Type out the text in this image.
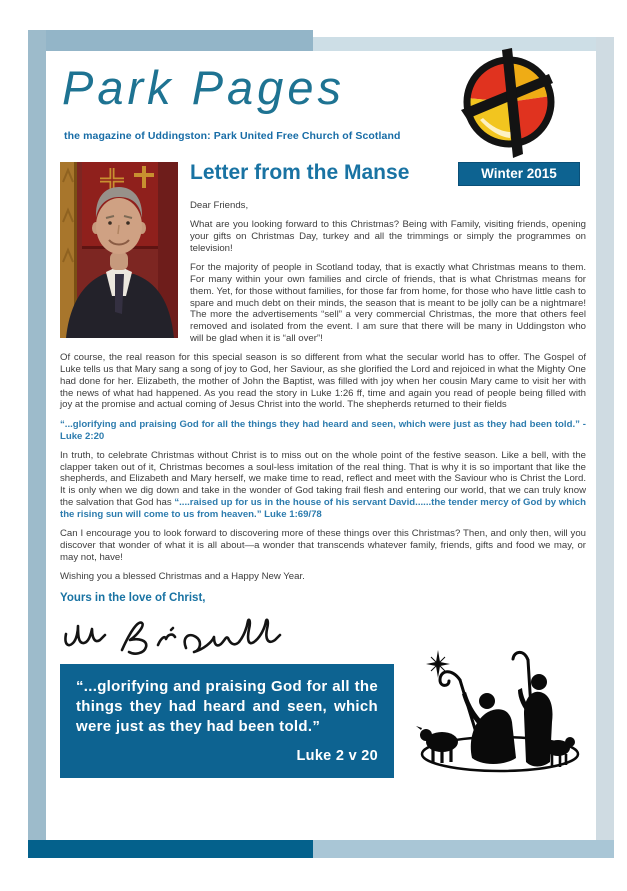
Park Pages
the magazine of Uddingston: Park United Free Church of Scotland
Winter 2015
Letter from the Manse

Dear Friends,

What are you looking forward to this Christmas? Being with Family, visiting friends, opening your gifts on Christmas Day, turkey and all the trimmings or simply the programmes on television!

For the majority of people in Scotland today, that is exactly what Christmas means to them. For many within your own families and circle of friends, that is what Christmas means for them. Yet, for those without families, for those far from home, for those who have little cash to spare and much debt on their minds, the season that is meant to be jolly can be a nightmare! The more the advertisements “sell” a very commercial Christmas, the more that others feel removed and isolated from the event. I am sure that there will be many in Uddingston who will be glad when it is “all over”!

Of course, the real reason for this special season is so different from what the secular world has to offer. The Gospel of Luke tells us that Mary sang a song of joy to God, her Saviour, as she glorified the Lord and rejoiced in what the Mighty One had done for her. Elizabeth, the mother of John the Baptist, was filled with joy when her cousin Mary came to visit her with the news of what had happened. As you read the story in Luke 1:26 ff, time and again you read of people being filled with joy at the promise and actual coming of Jesus Christ into the world. The shepherds returned to their fields

“...glorifying and praising God for all the things they had heard and seen, which were just as they had been told.” - Luke 2:20

In truth, to celebrate Christmas without Christ is to miss out on the whole point of the festive season. Like a bell, with the clapper taken out of it, Christmas becomes a soul-less imitation of the real thing. That is why it is so important that like the shepherds, and Elizabeth and Mary herself, we make time to read, reflect and meet with the Saviour who is Christ the Lord. It is only when we dig down and take in the wonder of God taking frail flesh and entering our world, that we can truly know the salvation that God has “....raised up for us in the house of his servant David......the tender mercy of God by which the rising sun will come to us from heaven.” Luke 1:69/78

Can I encourage you to look forward to discovering more of these things over this Christmas? Then, and only then, will you discover that wonder of what it is all about—a wonder that transcends whatever family, friends, gifts and food we may, or may not, have!

Wishing you a blessed Christmas and a Happy New Year.

Yours in the love of Christ,

“...glorifying and praising God for all the things they had heard and seen, which were just as they had been told.”
Luke 2 v 20
